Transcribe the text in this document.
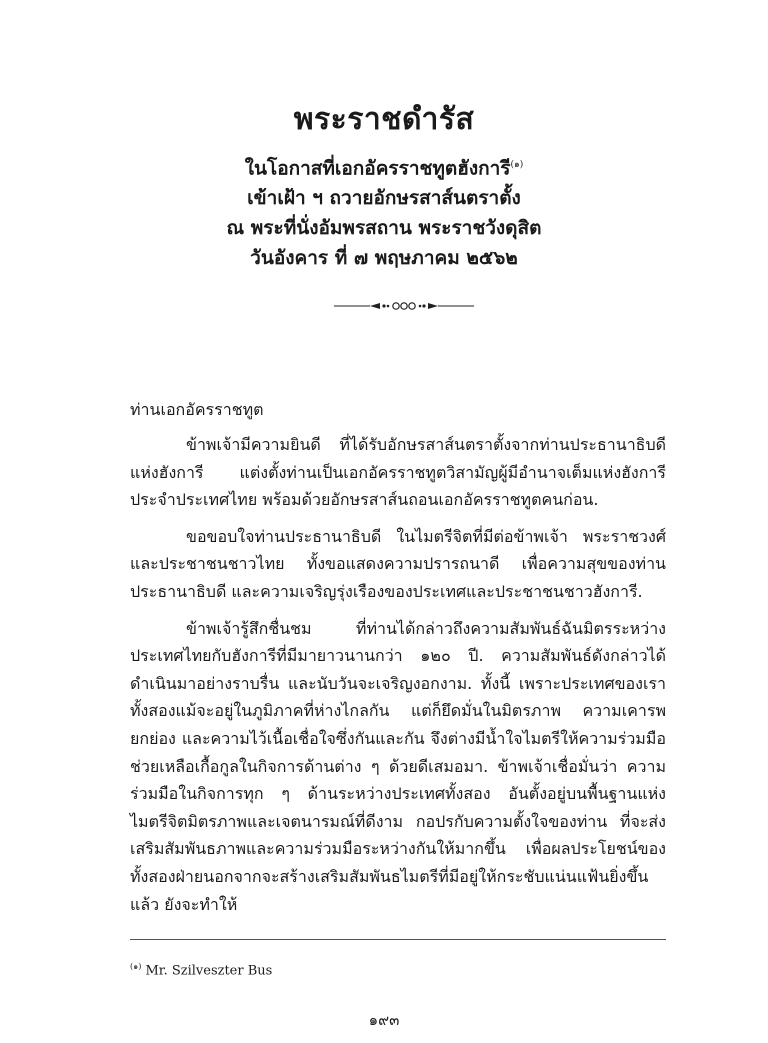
พระราชดำรัส
ในโอกาสที่เอกอัครราชทูตฮังการี$^{(๑)}$
เข้าเฝ้า ฯ ถวายอักษรสาส์นตราตั้ง
ณ พระที่นั่งอัมพรสถาน พระราชวังดุสิต
วันอังคาร ที่ ๗ พฤษภาคม ๒๕๖๒
ท่านเอกอัครราชทูต

ข้าพเจ้ามีความยินดี ที่ได้รับอักษรสาส์นตราตั้งจากท่านประธานาธิบดีแห่งฮังการี แต่งตั้งท่านเป็นเอกอัครราชทูตวิสามัญผู้มีอำนาจเต็มแห่งฮังการีประจำประเทศไทย พร้อมด้วยอักษรสาส์นถอนเอกอัครราชทูตคนก่อน.

ขอขอบใจท่านประธานาธิบดี ในไมตรีจิตที่มีต่อข้าพเจ้า พระราชวงศ์และประชาชนชาวไทย ทั้งขอแสดงความปรารถนาดี เพื่อความสุขของท่านประธานาธิบดี และความเจริญรุ่งเรืองของประเทศและประชาชนชาวฮังการี.

ข้าพเจ้ารู้สึกชื่นชม ที่ท่านได้กล่าวถึงความสัมพันธ์ฉันมิตรระหว่างประเทศไทยกับฮังการีที่มีมายาวนานกว่า ๑๒๐ ปี. ความสัมพันธ์ดังกล่าวได้ดำเนินมาอย่างราบรื่น และนับวันจะเจริญงอกงาม. ทั้งนี้ เพราะประเทศของเราทั้งสองแม้จะอยู่ในภูมิภาคที่ห่างไกลกัน แต่ก็ยึดมั่นในมิตรภาพ ความเคารพยกย่อง และความไว้เนื้อเชื่อใจซึ่งกันและกัน จึงต่างมีน้ำใจไมตรีให้ความร่วมมือช่วยเหลือเกื้อกูลในกิจการด้านต่าง ๆ ด้วยดีเสมอมา. ข้าพเจ้าเชื่อมั่นว่า ความร่วมมือในกิจการทุก ๆ ด้านระหว่างประเทศทั้งสอง อันตั้งอยู่บนพื้นฐานแห่งไมตรีจิตมิตรภาพและเจตนารมณ์ที่ดีงาม กอปรกับความตั้งใจของท่าน ที่จะส่งเสริมสัมพันธภาพและความร่วมมือระหว่างกันให้มากขึ้น เพื่อผลประโยชน์ของทั้งสองฝ่ายนอกจากจะสร้างเสริมสัมพันธไมตรีที่มีอยู่ให้กระชับแน่นแฟ้นยิ่งขึ้นแล้ว ยังจะทำให้

$^{(๑)}$ Mr. Szilveszter Bus
๑๙๓
